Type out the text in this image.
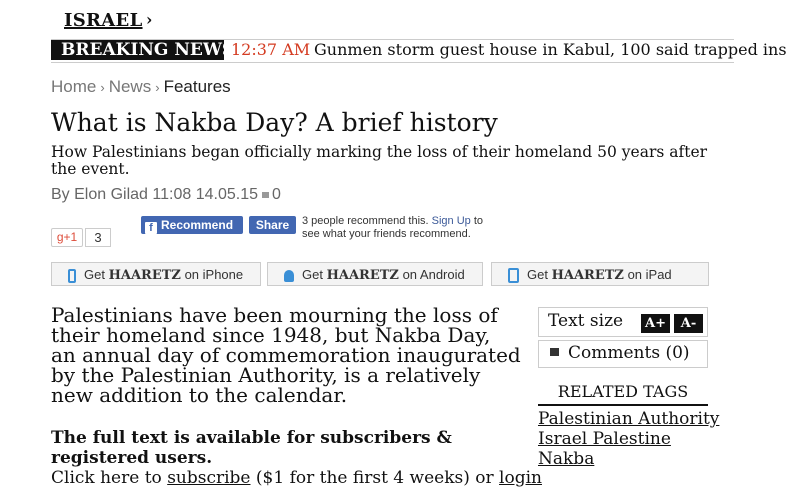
ISRAEL ›
BREAKING NEWS
12:37 AM Gunmen storm guest house in Kabul, 100 said trapped ins
Home › News › Features
What is Nakba Day? A brief history
How Palestinians began officially marking the loss of their homeland 50 years after the event.
By Elon Gilad 11:08 14.05.15 0
g+1	3
f Recommend	Share	3 people recommend this. Sign Up to see what your friends recommend.
Get HAARETZ on iPhone	Get HAARETZ on Android	Get HAARETZ on iPad
Palestinians have been mourning the loss of their homeland since 1948, but Nakba Day, an annual day of commemoration inaugurated by the Palestinian Authority, is a relatively new addition to the calendar.
The full text is available for subscribers & registered users.
Click here to subscribe ($1 for the first 4 weeks) or login
Text size	A+	A-
Comments (0)
RELATED TAGS
Palestinian Authority
Israel Palestine
Nakba
